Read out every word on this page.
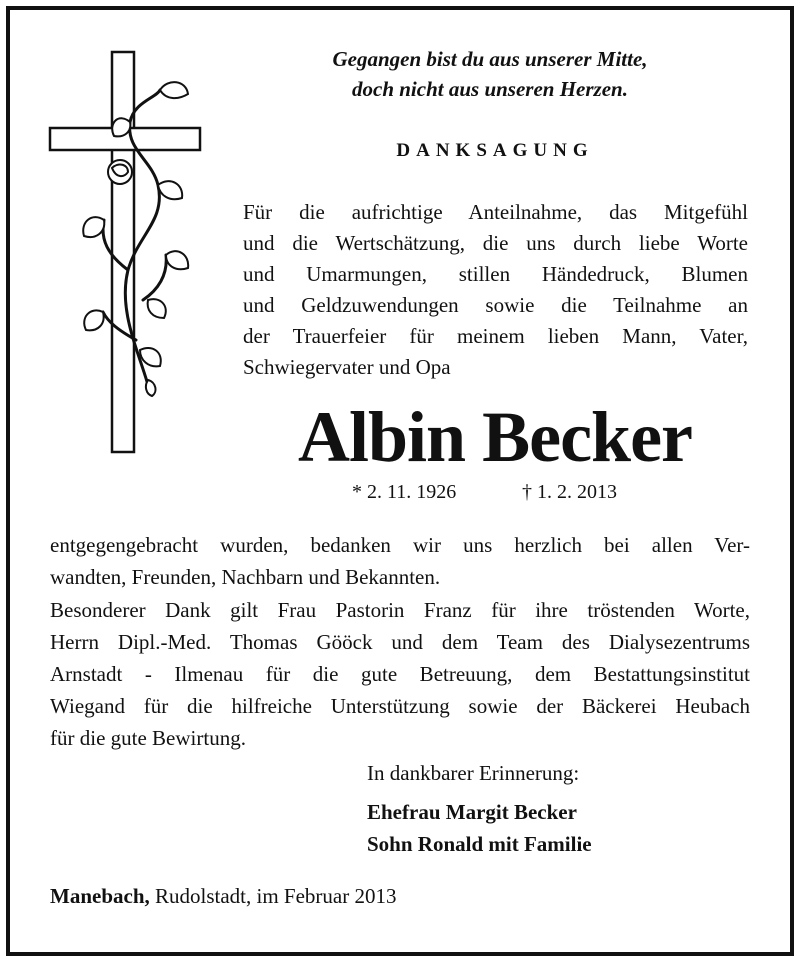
Gegangen bist du aus unserer Mitte,
doch nicht aus unseren Herzen.
DANKSAGUNG
Für die aufrichtige Anteilnahme, das Mitgefühl
und die Wertschätzung, die uns durch liebe Worte
und Umarmungen, stillen Händedruck, Blumen
und Geldzuwendungen sowie die Teilnahme an
der Trauerfeier für meinem lieben Mann, Vater,
Schwiegervater und Opa
Albin Becker
* 2. 11. 1926	† 1. 2. 2013
entgegengebracht wurden, bedanken wir uns herzlich bei allen Ver-
wandten, Freunden, Nachbarn und Bekannten.
Besonderer Dank gilt Frau Pastorin Franz für ihre tröstenden Worte,
Herrn Dipl.-Med. Thomas Gööck und dem Team des Dialysezentrums
Arnstadt - Ilmenau für die gute Betreuung, dem Bestattungsinstitut
Wiegand für die hilfreiche Unterstützung sowie der Bäckerei Heubach
für die gute Bewirtung.
In dankbarer Erinnerung:
Ehefrau Margit Becker
Sohn Ronald mit Familie
Manebach, Rudolstadt, im Februar 2013
